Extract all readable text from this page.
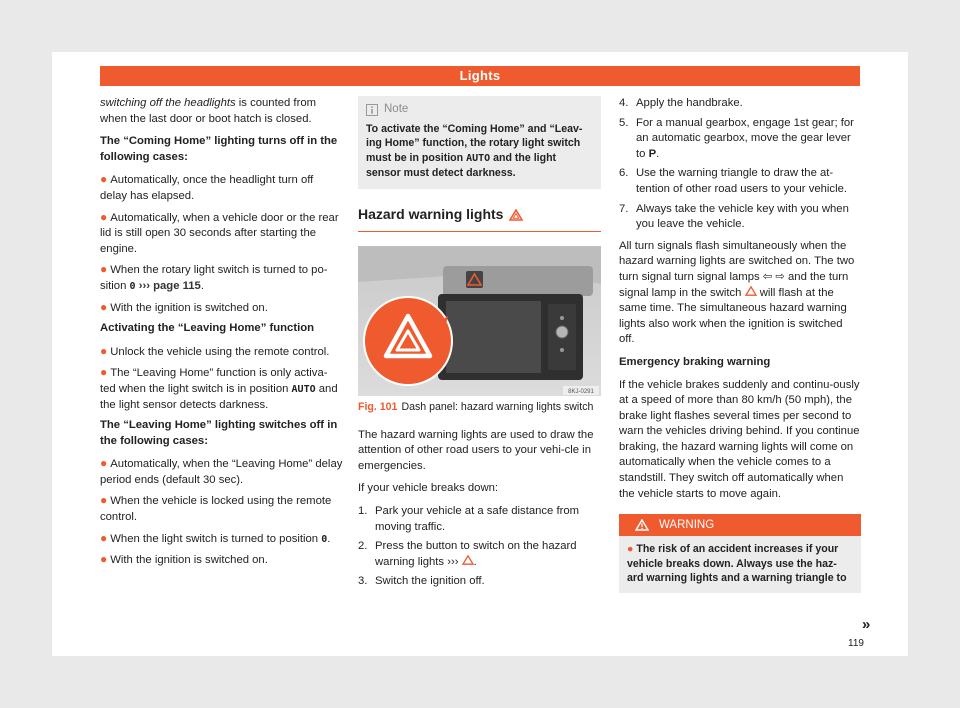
Lights

switching off the headlights is counted from when the last door or boot hatch is closed.

The “Coming Home” lighting turns off in the following cases:

● Automatically, once the headlight turn off delay has elapsed.

● Automatically, when a vehicle door or the rear lid is still open 30 seconds after starting the engine.

● When the rotary light switch is turned to po-sition 0 ››› page 115.

● With the ignition is switched on.

Activating the “Leaving Home” function

● Unlock the vehicle using the remote control.

● The “Leaving Home” function is only activa-ted when the light switch is in position AUTO and the light sensor detects darkness.

The “Leaving Home” lighting switches off in the following cases:

● Automatically, when the “Leaving Home” delay period ends (default 30 sec).

● When the vehicle is locked using the remote control.

● When the light switch is turned to position 0.

● With the ignition is switched on.

Note
To activate the “Coming Home” and “Leav-ing Home” function, the rotary light switch must be in position AUTO and the light sensor must detect darkness.
Hazard warning lights
8KJ-0291
Fig. 101 Dash panel: hazard warning lights switch

The hazard warning lights are used to draw the attention of other road users to your vehi-cle in emergencies.

If your vehicle breaks down:

1. Park your vehicle at a safe distance from moving traffic.
2. Press the button to switch on the hazard warning lights ››› .
3. Switch the ignition off.
4. Apply the handbrake.
5. For a manual gearbox, engage 1st gear; for an automatic gearbox, move the gear lever to P.
6. Use the warning triangle to draw the at-tention of other road users to your vehicle.
7. Always take the vehicle key with you when you leave the vehicle.

All turn signals flash simultaneously when the hazard warning lights are switched on. The two turn signal turn signal lamps ⇦ ⇨ and the turn signal lamp in the switch  will flash at the same time. The simultaneous hazard warning lights also work when the ignition is switched off.

Emergency braking warning

If the vehicle brakes suddenly and continu-ously at a speed of more than 80 km/h (50 mph), the brake light flashes several times per second to warn the vehicles driving behind. If you continue braking, the hazard warning lights will come on automatically when the vehicle comes to a standstill. They switch off automatically when the vehicle starts to move again.

WARNING
● The risk of an accident increases if your vehicle breaks down. Always use the haz-ard warning lights and a warning triangle to
»
119
